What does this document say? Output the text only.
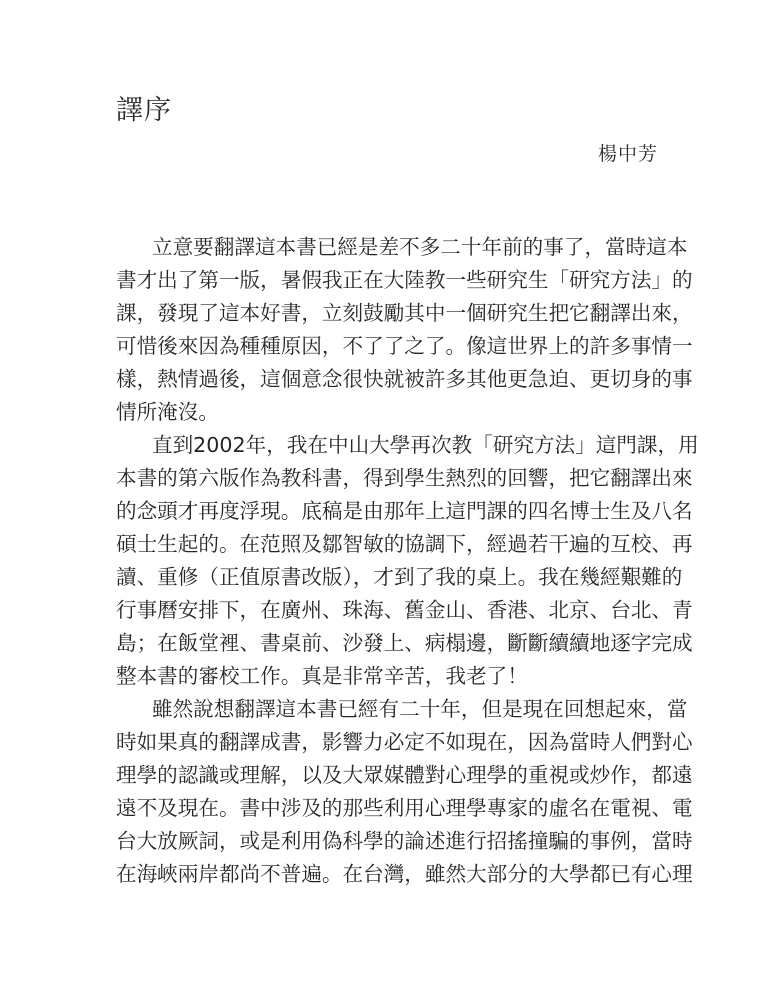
譯序
楊中芳

立意要翻譯這本書已經是差不多二十年前的事了，當時這本
書才出了第一版，暑假我正在大陸教一些研究生「研究方法」的
課，發現了這本好書，立刻鼓勵其中一個研究生把它翻譯出來，
可惜後來因為種種原因，不了了之了。像這世界上的許多事情一
樣，熱情過後，這個意念很快就被許多其他更急迫、更切身的事
情所淹沒。

直到2002年，我在中山大學再次教「研究方法」這門課，用
本書的第六版作為教科書，得到學生熱烈的回響，把它翻譯出來
的念頭才再度浮現。底稿是由那年上這門課的四名博士生及八名
碩士生起的。在范照及鄒智敏的協調下，經過若干遍的互校、再
讀、重修（正值原書改版），才到了我的桌上。我在幾經艱難的
行事曆安排下，在廣州、珠海、舊金山、香港、北京、台北、青
島；在飯堂裡、書桌前、沙發上、病榻邊，斷斷續續地逐字完成
整本書的審校工作。真是非常辛苦，我老了！

雖然說想翻譯這本書已經有二十年，但是現在回想起來，當
時如果真的翻譯成書，影響力必定不如現在，因為當時人們對心
理學的認識或理解，以及大眾媒體對心理學的重視或炒作，都遠
遠不及現在。書中涉及的那些利用心理學專家的虛名在電視、電
台大放厥詞，或是利用偽科學的論述進行招搖撞騙的事例，當時
在海峽兩岸都尚不普遍。在台灣，雖然大部分的大學都已有心理
